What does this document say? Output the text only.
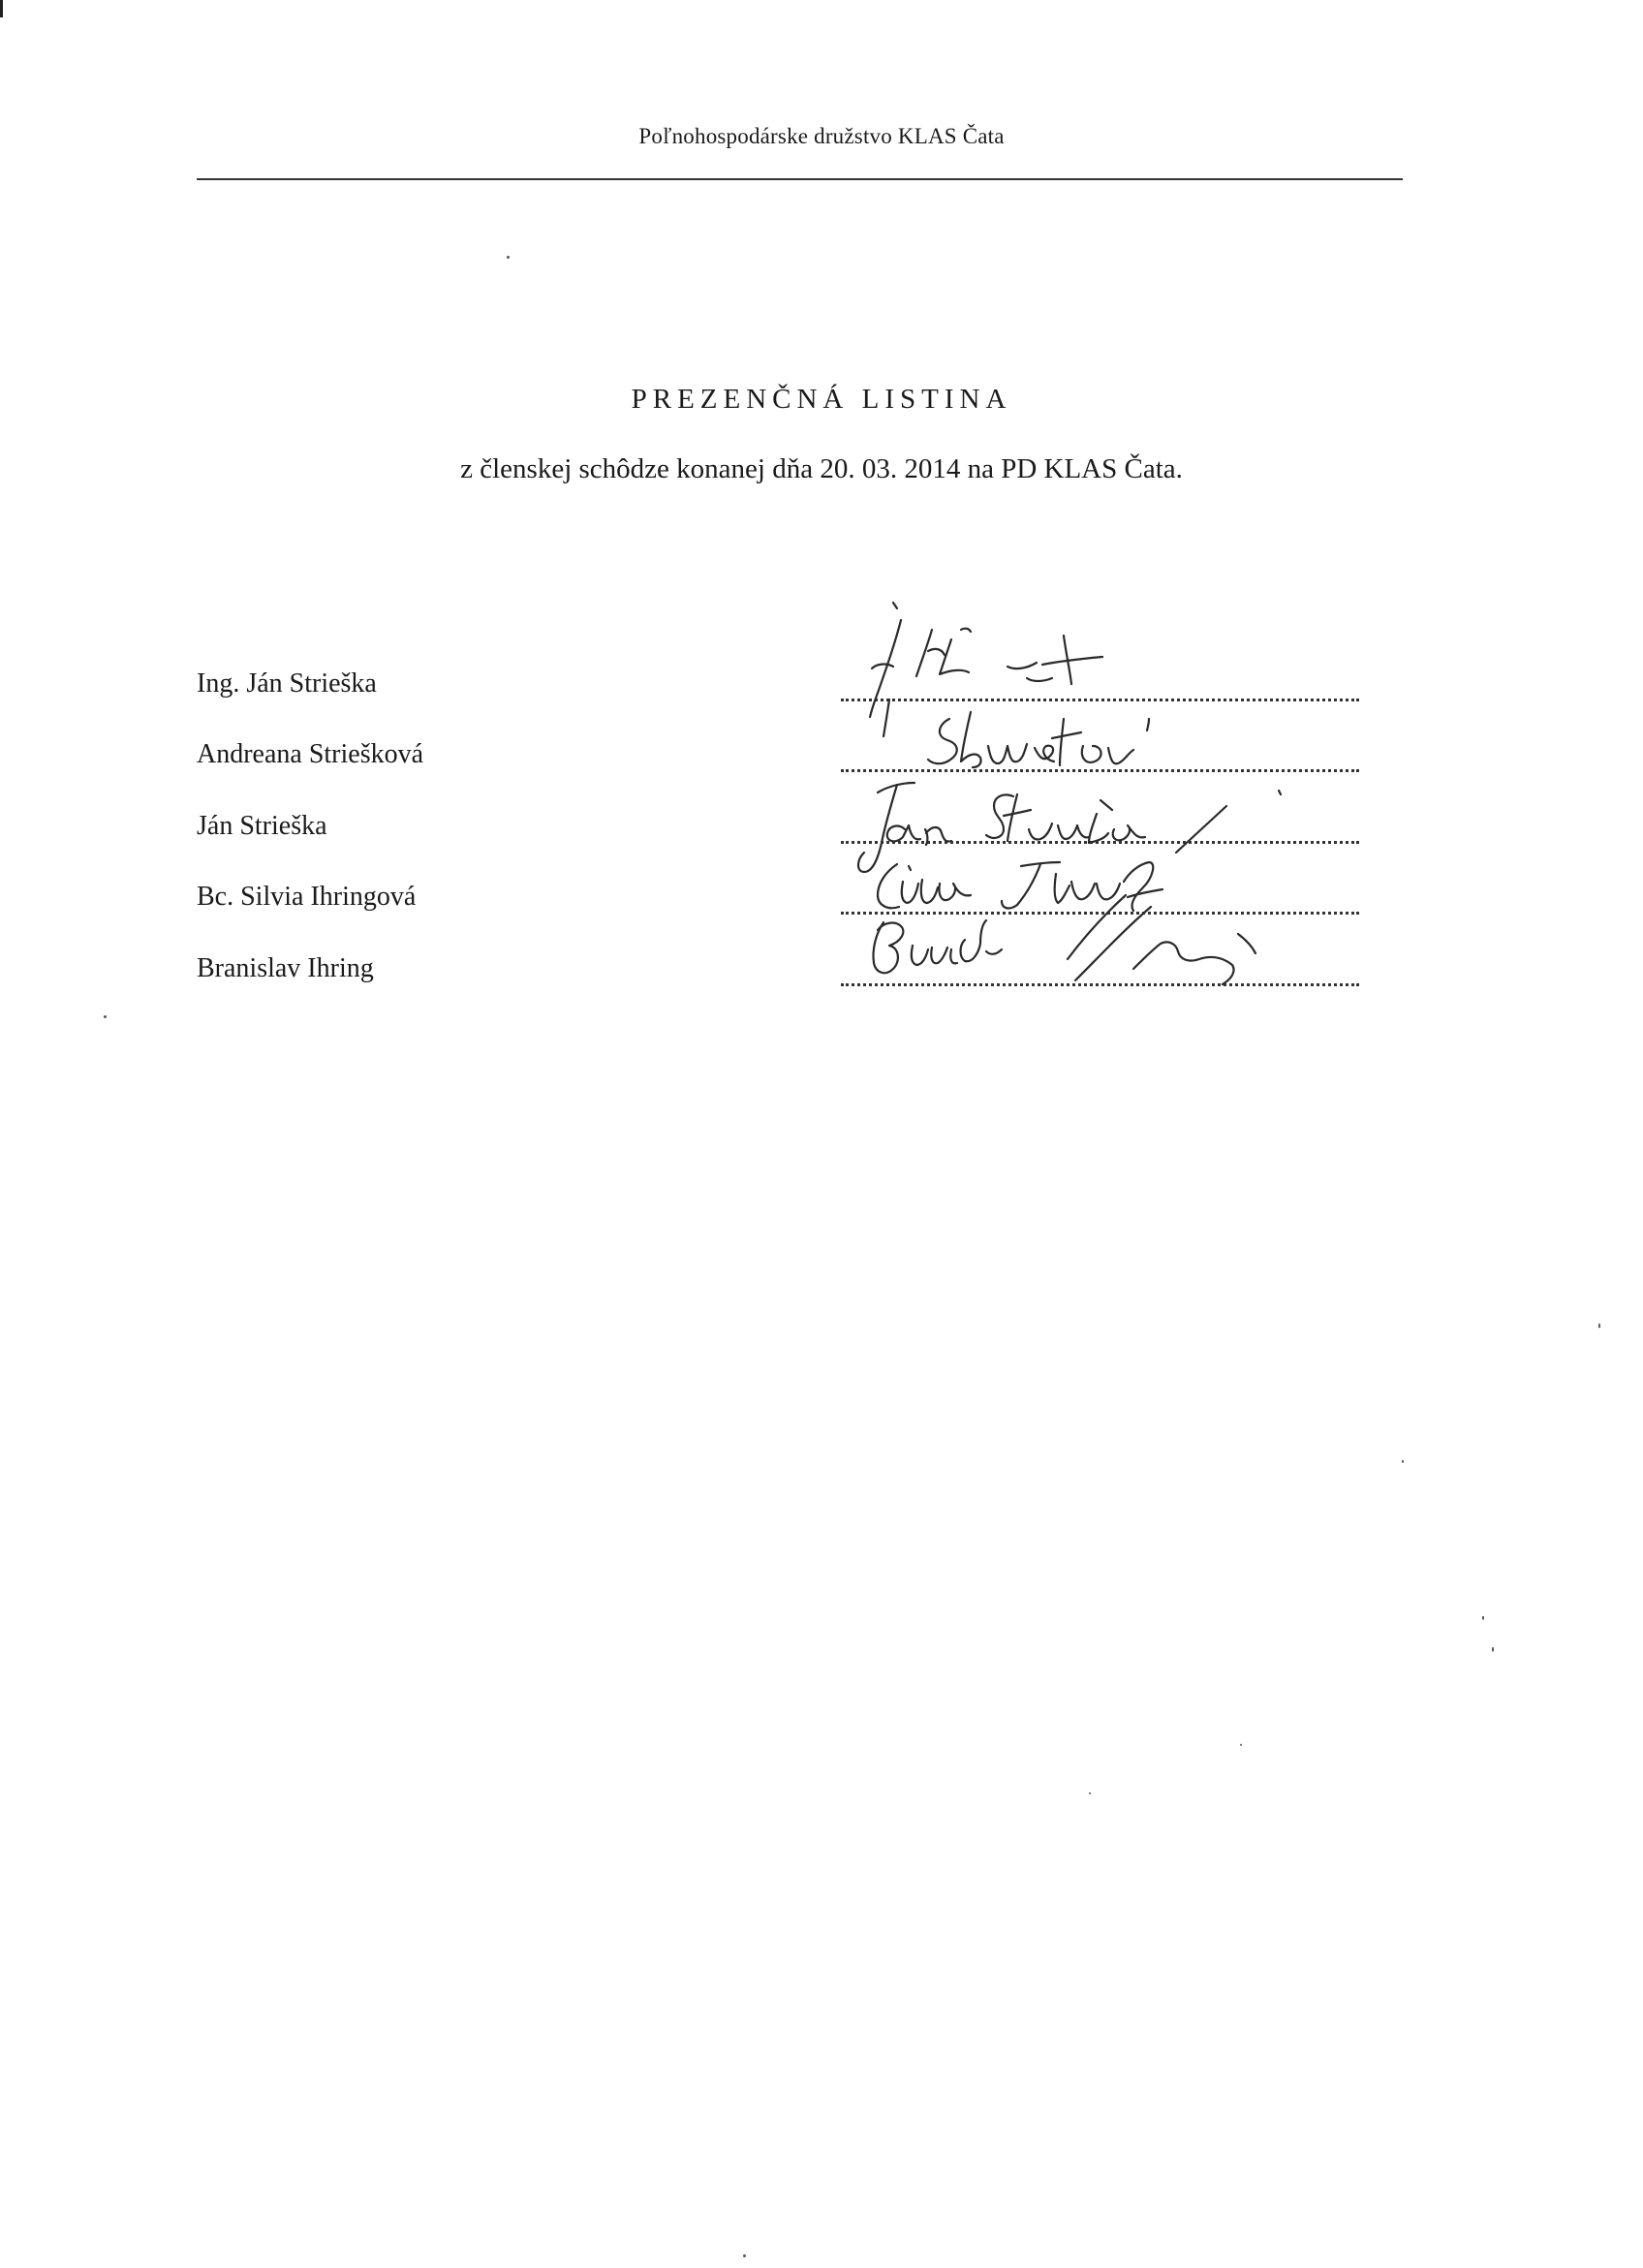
Poľnohospodárske družstvo KLAS Čata
PREZENČNÁ LISTINA
z členskej schôdze konanej dňa 20. 03. 2014 na PD KLAS Čata.
Ing. Ján Strieška
Andreana Striešková
Ján Strieška
Bc. Silvia Ihringová
Branislav Ihring
